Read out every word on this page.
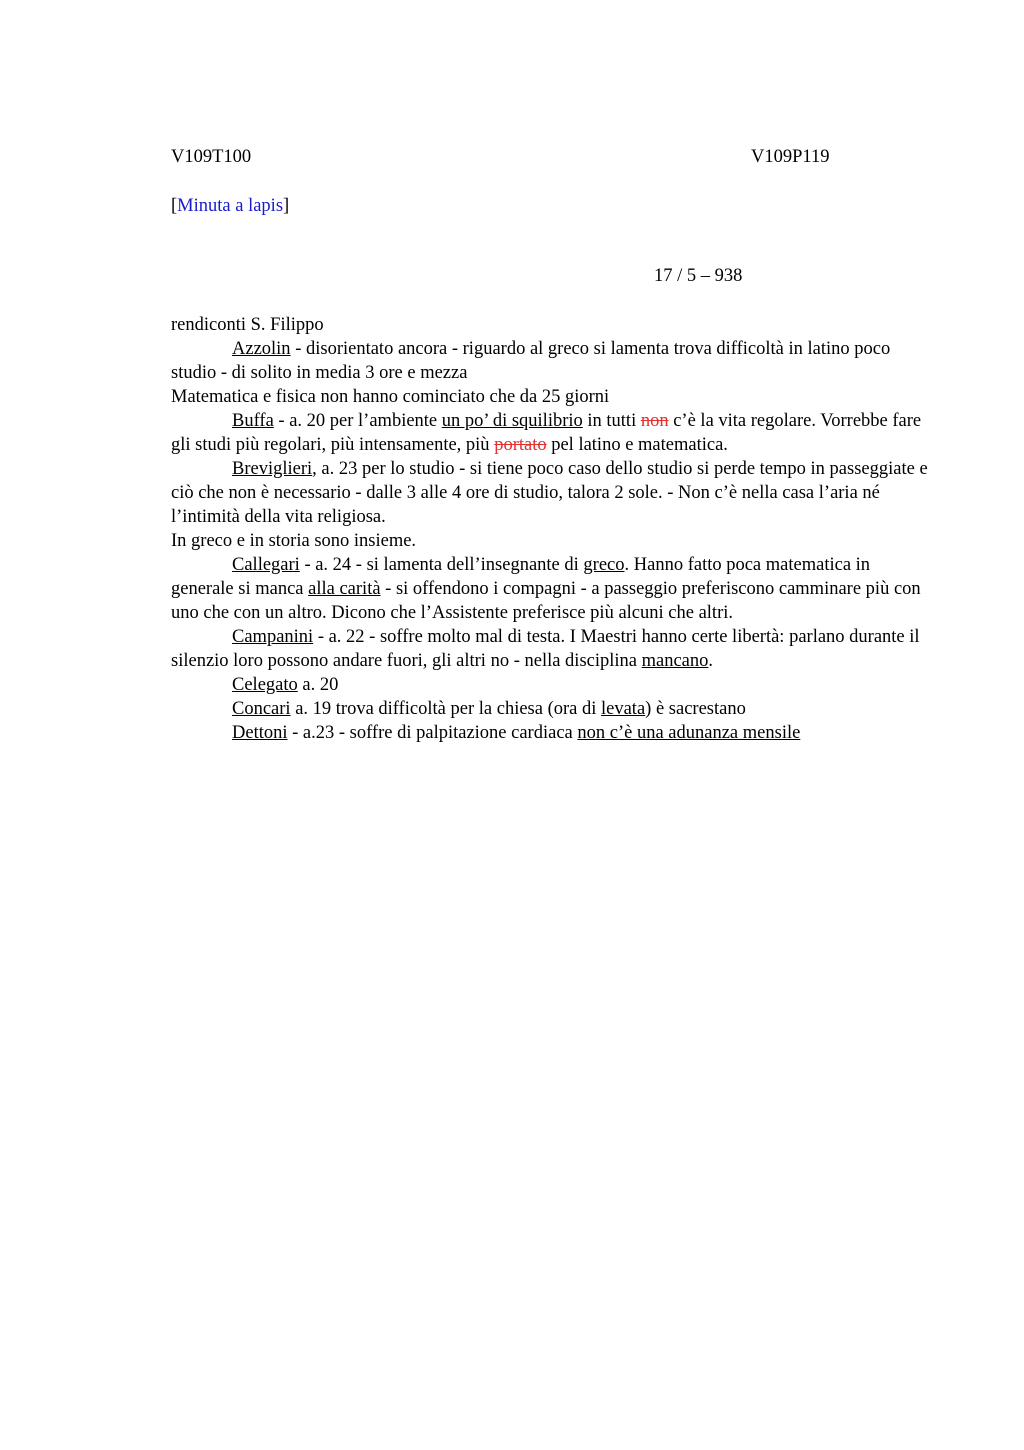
V109T100	V109P119
[Minuta a lapis]
17 / 5 – 938

rendiconti S. Filippo

Azzolin - disorientato ancora - riguardo al greco si lamenta trova difficoltà in latino poco studio - di solito in media 3 ore e mezza

Matematica e fisica non hanno cominciato che da 25 giorni

Buffa - a. 20 per l’ambiente un po’ di squilibrio in tutti non c’è la vita regolare. Vorrebbe fare gli studi più regolari, più intensamente, più portato pel latino e matematica.

Breviglieri, a. 23 per lo studio - si tiene poco caso dello studio si perde tempo in passeggiate e ciò che non è necessario - dalle 3 alle 4 ore di studio, talora 2 sole. - Non c’è nella casa l’aria né l’intimità della vita religiosa.

In greco e in storia sono insieme.

Callegari - a. 24 - si lamenta dell’insegnante di greco. Hanno fatto poca matematica in generale si manca alla carità - si offendono i compagni - a passeggio preferiscono camminare più con uno che con un altro. Dicono che l’Assistente preferisce più alcuni che altri.

Campanini - a. 22 - soffre molto mal di testa. I Maestri hanno certe libertà: parlano durante il silenzio loro possono andare fuori, gli altri no - nella disciplina mancano.

Celegato a. 20

Concari a. 19 trova difficoltà per la chiesa (ora di levata) è sacrestano

Dettoni - a.23 - soffre di palpitazione cardiaca non c’è una adunanza mensile
